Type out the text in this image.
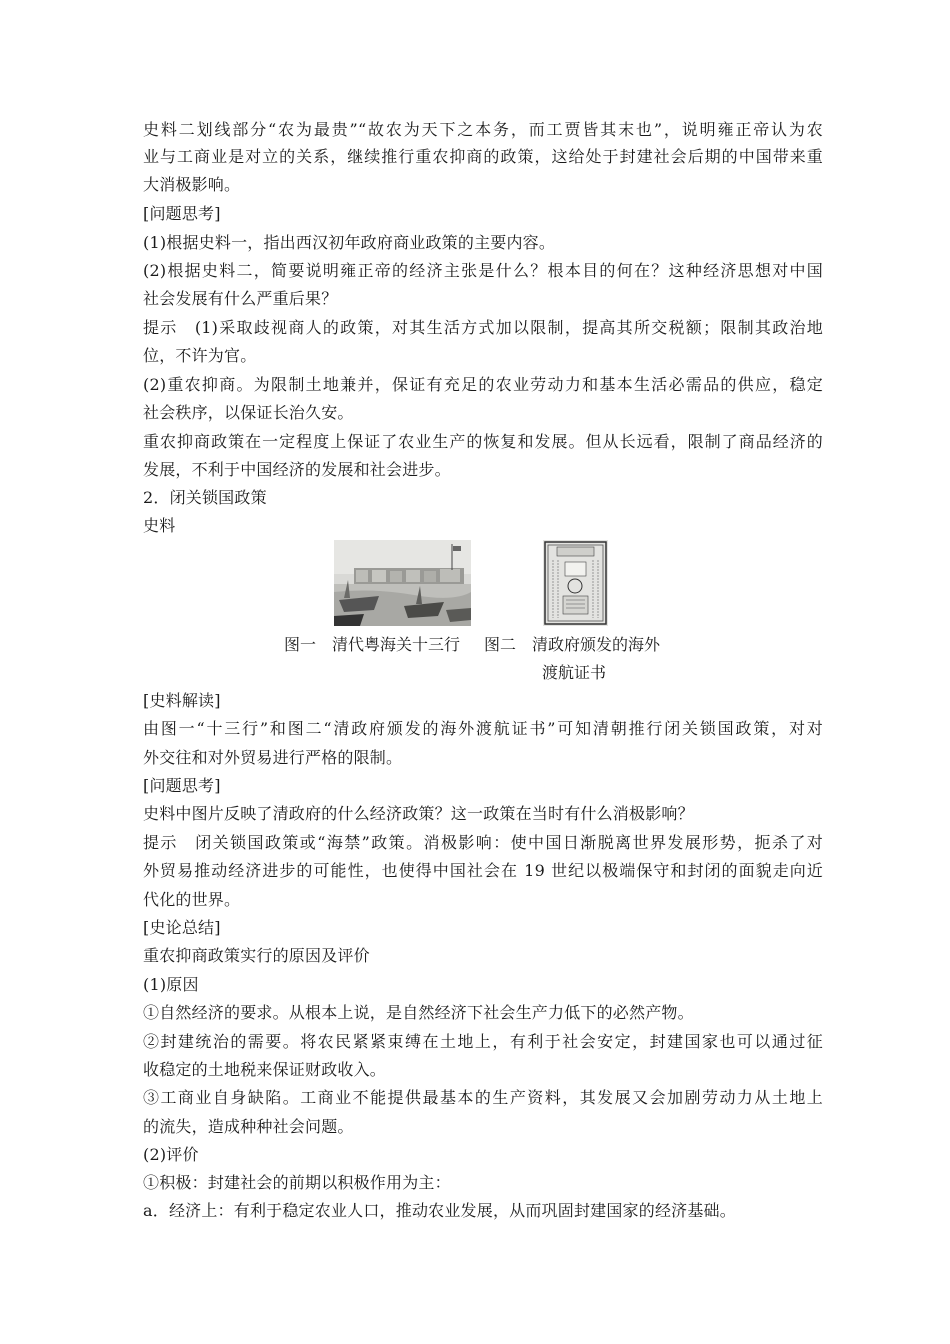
史料二划线部分“农为最贵”“故农为天下之本务，而工贾皆其末也”，说明雍正帝认为农
业与工商业是对立的关系，继续推行重农抑商的政策，这给处于封建社会后期的中国带来重
大消极影响。
[问题思考]
(1)根据史料一，指出西汉初年政府商业政策的主要内容。
(2)根据史料二，简要说明雍正帝的经济主张是什么？根本目的何在？这种经济思想对中国
社会发展有什么严重后果？
提示　(1)采取歧视商人的政策，对其生活方式加以限制，提高其所交税额；限制其政治地
位，不许为官。
(2)重农抑商。为限制土地兼并，保证有充足的农业劳动力和基本生活必需品的供应，稳定
社会秩序，以保证长治久安。
重农抑商政策在一定程度上保证了农业生产的恢复和发展。但从长远看，限制了商品经济的
发展，不利于中国经济的发展和社会进步。
2．闭关锁国政策
史料
图一　清代粤海关十三行 图二　清政府颁发的海外
渡航证书
[史料解读]
由图一“十三行”和图二“清政府颁发的海外渡航证书”可知清朝推行闭关锁国政策，对对
外交往和对外贸易进行严格的限制。
[问题思考]
史料中图片反映了清政府的什么经济政策？这一政策在当时有什么消极影响？
提示　闭关锁国政策或“海禁”政策。消极影响：使中国日渐脱离世界发展形势，扼杀了对
外贸易推动经济进步的可能性，也使得中国社会在 19 世纪以极端保守和封闭的面貌走向近
代化的世界。
[史论总结]
重农抑商政策实行的原因及评价
(1)原因
①自然经济的要求。从根本上说，是自然经济下社会生产力低下的必然产物。
②封建统治的需要。将农民紧紧束缚在土地上，有利于社会安定，封建国家也可以通过征
收稳定的土地税来保证财政收入。
③工商业自身缺陷。工商业不能提供最基本的生产资料，其发展又会加剧劳动力从土地上
的流失，造成种种社会问题。
(2)评价
①积极：封建社会的前期以积极作用为主：
a．经济上：有利于稳定农业人口，推动农业发展，从而巩固封建国家的经济基础。
